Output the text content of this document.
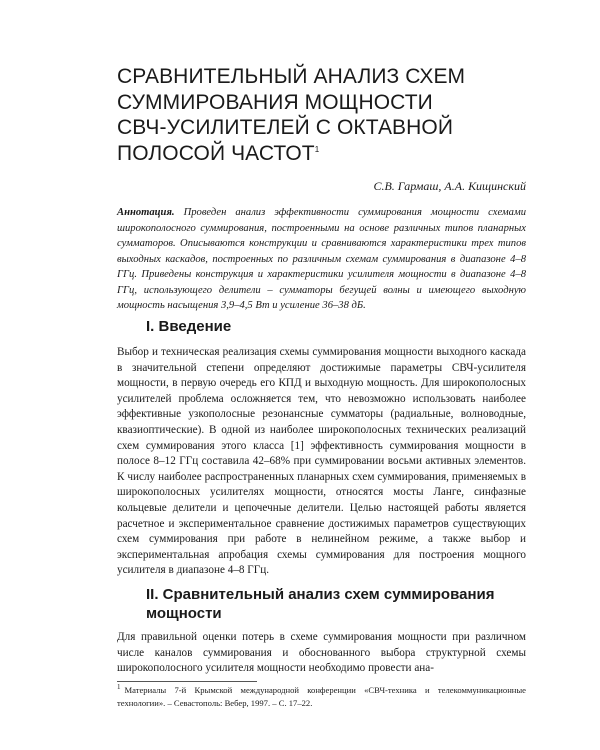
СРАВНИТЕЛЬНЫЙ АНАЛИЗ СХЕМ
СУММИРОВАНИЯ МОЩНОСТИ
СВЧ-УСИЛИТЕЛЕЙ С ОКТАВНОЙ
ПОЛОСОЙ ЧАСТОТ$^1$
С.В. Гармаш, А.А. Кищинский
Аннотация. Проведен анализ эффективности суммирования мощности схемами широкополосного суммирования, построенными на основе различных типов планарных сумматоров. Описываются конструкции и сравниваются характеристики трех типов выходных каскадов, построенных по различным схемам суммирования в диапазоне 4–8 ГГц. Приведены конструкция и характеристики усилителя мощности в диапазоне 4–8 ГГц, использующего делители – сумматоры бегущей волны и имеющего выходную мощность насыщения 3,9–4,5 Вт и усиление 36–38 дБ.
I. Введение
Выбор и техническая реализация схемы суммирования мощности выходного каскада в значительной степени определяют достижимые параметры СВЧ-усилителя мощности, в первую очередь его КПД и выходную мощность. Для широкополосных усилителей проблема осложняется тем, что невозможно использовать наиболее эффективные узкополосные резонансные сумматоры (радиальные, волноводные, квазиоптические). В одной из наиболее широкополосных технических реализаций схем суммирования этого класса [1] эффективность суммирования мощности в полосе 8–12 ГГц составила 42–68% при суммировании восьми активных элементов. К числу наиболее распространенных планарных схем суммирования, применяемых в широкополосных усилителях мощности, относятся мосты Ланге, синфазные кольцевые делители и цепочечные делители. Целью настоящей работы является расчетное и экспериментальное сравнение достижимых параметров существующих схем суммирования при работе в нелинейном режиме, а также выбор и экспериментальная апробация схемы суммирования для построения мощного усилителя в диапазоне 4–8 ГГц.
II. Сравнительный анализ схем суммирования мощности
Для правильной оценки потерь в схеме суммирования мощности при различном числе каналов суммирования и обоснованного выбора структурной схемы широкополосного усилителя мощности необходимо провести ана-
$^1$ Материалы 7-й Крымской международной конференции «СВЧ-техника и телекоммуникационные технологии». – Севастополь: Вебер, 1997. – С. 17–22.
